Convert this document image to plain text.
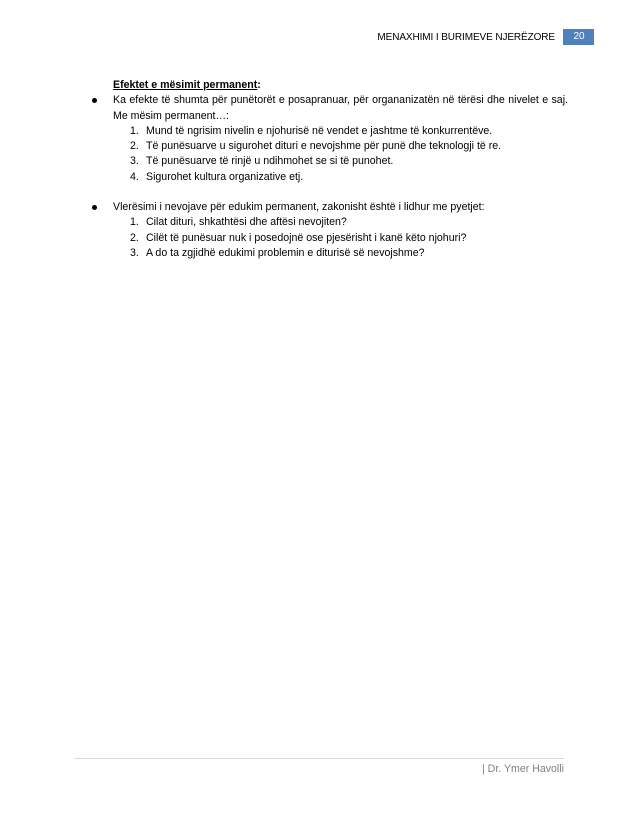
MENAXHIMI I BURIMEVE NJERËZORE	20
Efektet e mësimit permanent:
Ka efekte të shumta për punëtorët e posapranuar, për organanizatën në tërësi dhe nivelet e saj. Me mësim permanent…:
1. Mund të ngrisim nivelin e njohurisë në vendet e jashtme të konkurrentëve.
2. Të punësuarve u sigurohet dituri e nevojshme për punë dhe teknologji të re.
3. Të punësuarve të rinjë u ndihmohet se si të punohet.
4. Sigurohet kultura organizative etj.
Vlerësimi i nevojave për edukim permanent, zakonisht është i lidhur me pyetjet:
1. Cilat dituri, shkathtësi dhe aftësi nevojiten?
2. Cilët të punësuar nuk i posedojnë ose pjesërisht i kanë këto njohuri?
3. A do ta zgjidhë edukimi problemin e diturisë së nevojshme?
| Dr. Ymer Havolli
